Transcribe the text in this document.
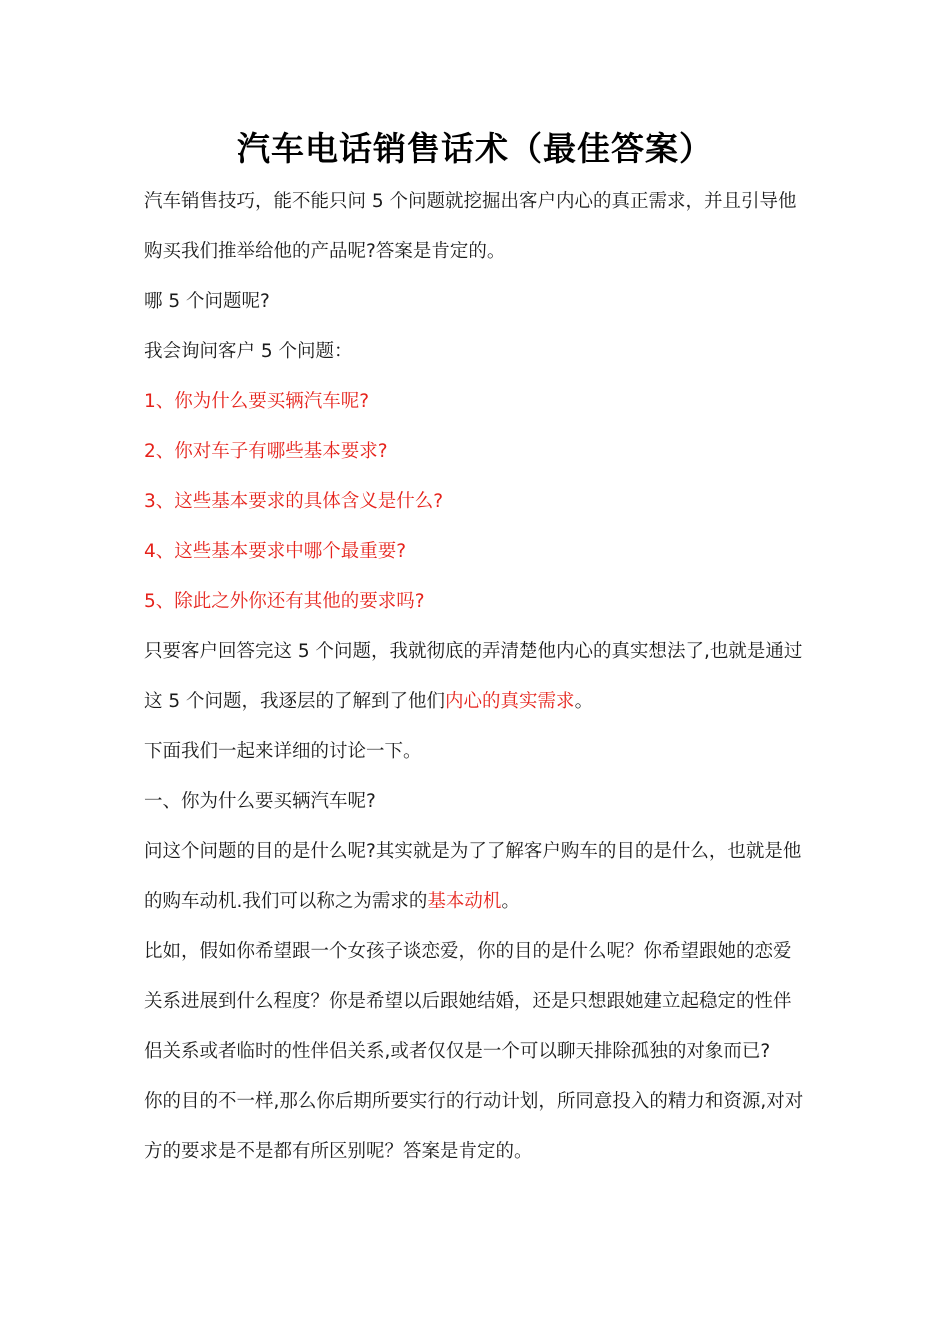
汽车电话销售话术（最佳答案）

汽车销售技巧，能不能只问 5 个问题就挖掘出客户内心的真正需求，并且引导他购买我们推举给他的产品呢?答案是肯定的。

哪 5 个问题呢?

我会询问客户 5 个问题：

1、你为什么要买辆汽车呢?

2、你对车子有哪些基本要求?

3、这些基本要求的具体含义是什么?

4、这些基本要求中哪个最重要?

5、除此之外你还有其他的要求吗?

只要客户回答完这 5 个问题，我就彻底的弄清楚他内心的真实想法了,也就是通过这 5 个问题，我逐层的了解到了他们内心的真实需求。

下面我们一起来详细的讨论一下。

一、你为什么要买辆汽车呢?

问这个问题的目的是什么呢?其实就是为了了解客户购车的目的是什么，也就是他的购车动机.我们可以称之为需求的基本动机。

比如，假如你希望跟一个女孩子谈恋爱，你的目的是什么呢？你希望跟她的恋爱关系进展到什么程度？你是希望以后跟她结婚，还是只想跟她建立起稳定的性伴侣关系或者临时的性伴侣关系,或者仅仅是一个可以聊天排除孤独的对象而已?

你的目的不一样,那么你后期所要实行的行动计划，所同意投入的精力和资源,对对方的要求是不是都有所区别呢？答案是肯定的。
